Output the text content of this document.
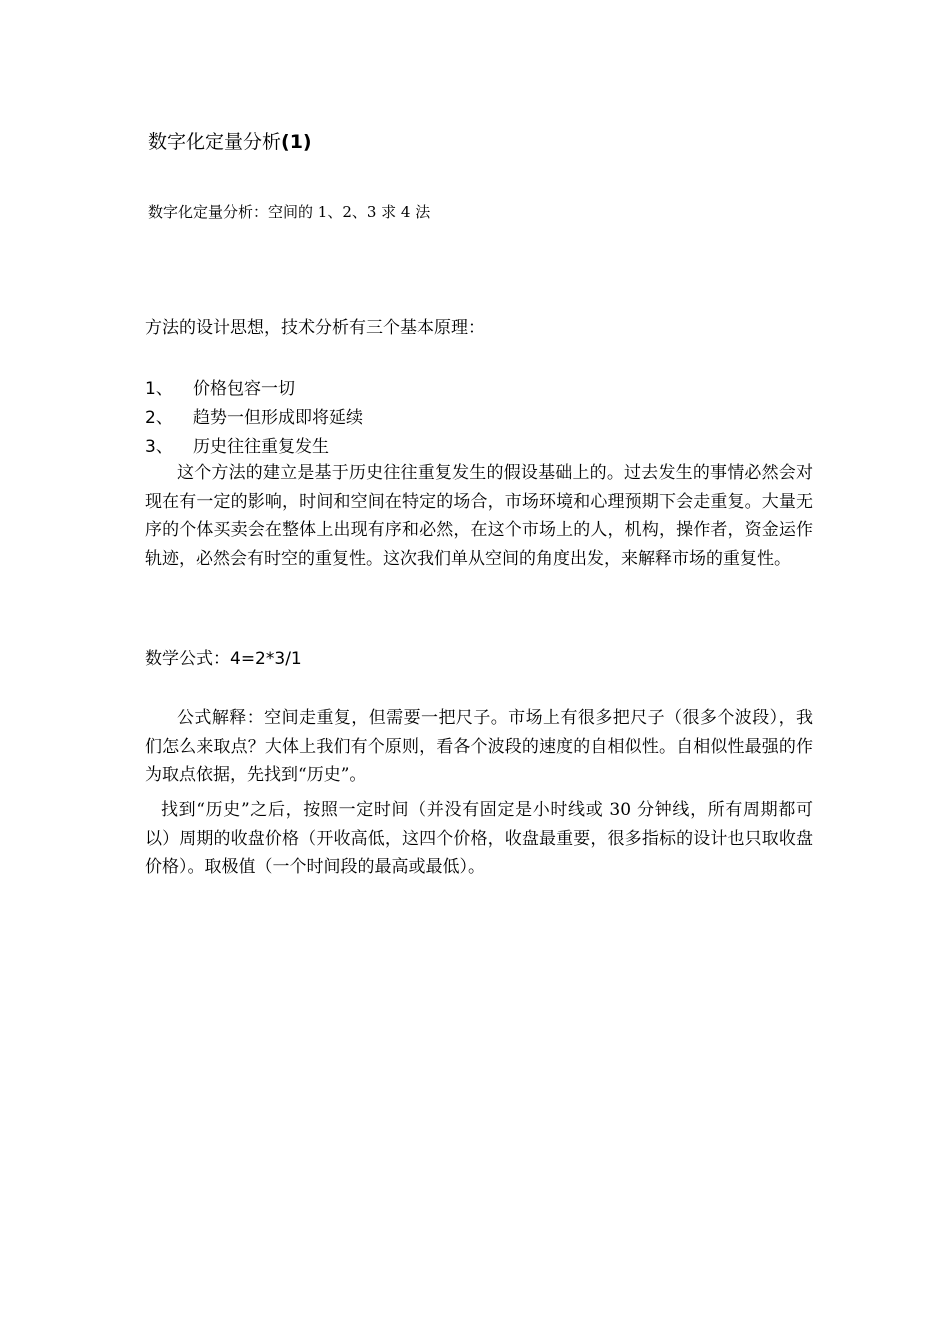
数字化定量分析(1)
数字化定量分析：空间的 1、2、3 求 4 法
方法的设计思想，技术分析有三个基本原理：
1、 价格包容一切
2、 趋势一但形成即将延续
3、 历史往往重复发生

这个方法的建立是基于历史往往重复发生的假设基础上的。过去发生的事情必然会对现在有一定的影响，时间和空间在特定的场合，市场环境和心理预期下会走重复。大量无序的个体买卖会在整体上出现有序和必然，在这个市场上的人，机构，操作者，资金运作轨迹，必然会有时空的重复性。这次我们单从空间的角度出发，来解释市场的重复性。

数学公式：4=2*3/1

公式解释：空间走重复，但需要一把尺子。市场上有很多把尺子（很多个波段），我们怎么来取点？大体上我们有个原则，看各个波段的速度的自相似性。自相似性最强的作为取点依据，先找到“历史”。

找到“历史”之后，按照一定时间（并没有固定是小时线或 30 分钟线，所有周期都可以）周期的收盘价格（开收高低，这四个价格，收盘最重要，很多指标的设计也只取收盘价格）。取极值（一个时间段的最高或最低）。
